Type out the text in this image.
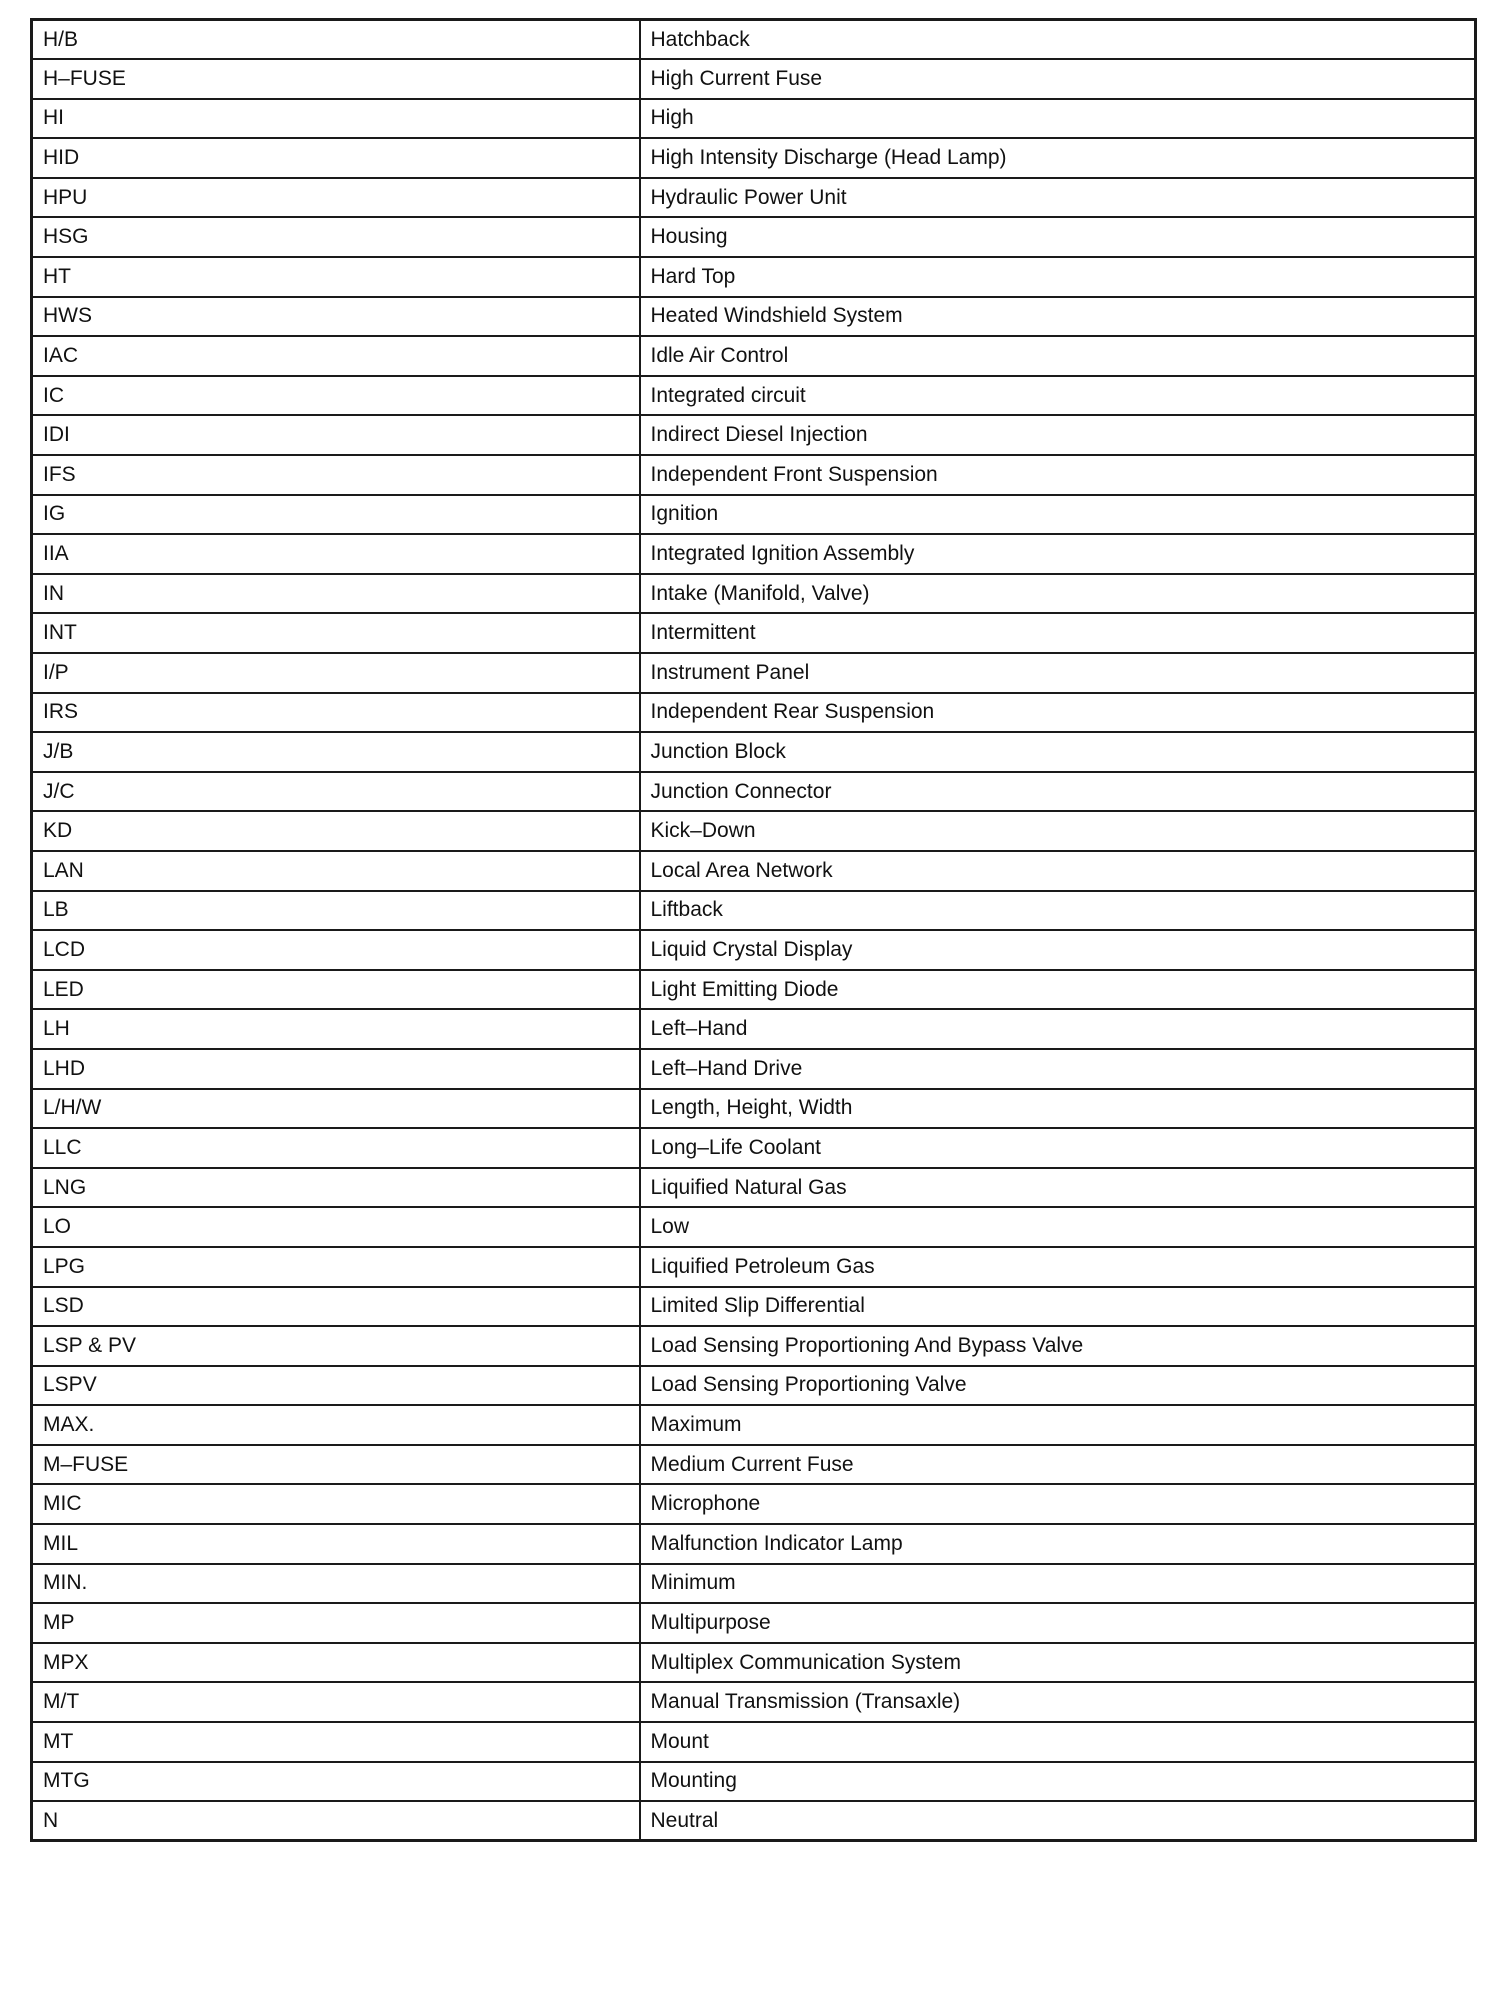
H/B	Hatchback
H–FUSE	High Current Fuse
HI	High
HID	High Intensity Discharge (Head Lamp)
HPU	Hydraulic Power Unit
HSG	Housing
HT	Hard Top
HWS	Heated Windshield System
IAC	Idle Air Control
IC	Integrated circuit
IDI	Indirect Diesel Injection
IFS	Independent Front Suspension
IG	Ignition
IIA	Integrated Ignition Assembly
IN	Intake (Manifold, Valve)
INT	Intermittent
I/P	Instrument Panel
IRS	Independent Rear Suspension
J/B	Junction Block
J/C	Junction Connector
KD	Kick–Down
LAN	Local Area Network
LB	Liftback
LCD	Liquid Crystal Display
LED	Light Emitting Diode
LH	Left–Hand
LHD	Left–Hand Drive
L/H/W	Length, Height, Width
LLC	Long–Life Coolant
LNG	Liquified Natural Gas
LO	Low
LPG	Liquified Petroleum Gas
LSD	Limited Slip Differential
LSP & PV	Load Sensing Proportioning And Bypass Valve
LSPV	Load Sensing Proportioning Valve
MAX.	Maximum
M–FUSE	Medium Current Fuse
MIC	Microphone
MIL	Malfunction Indicator Lamp
MIN.	Minimum
MP	Multipurpose
MPX	Multiplex Communication System
M/T	Manual Transmission (Transaxle)
MT	Mount
MTG	Mounting
N	Neutral
